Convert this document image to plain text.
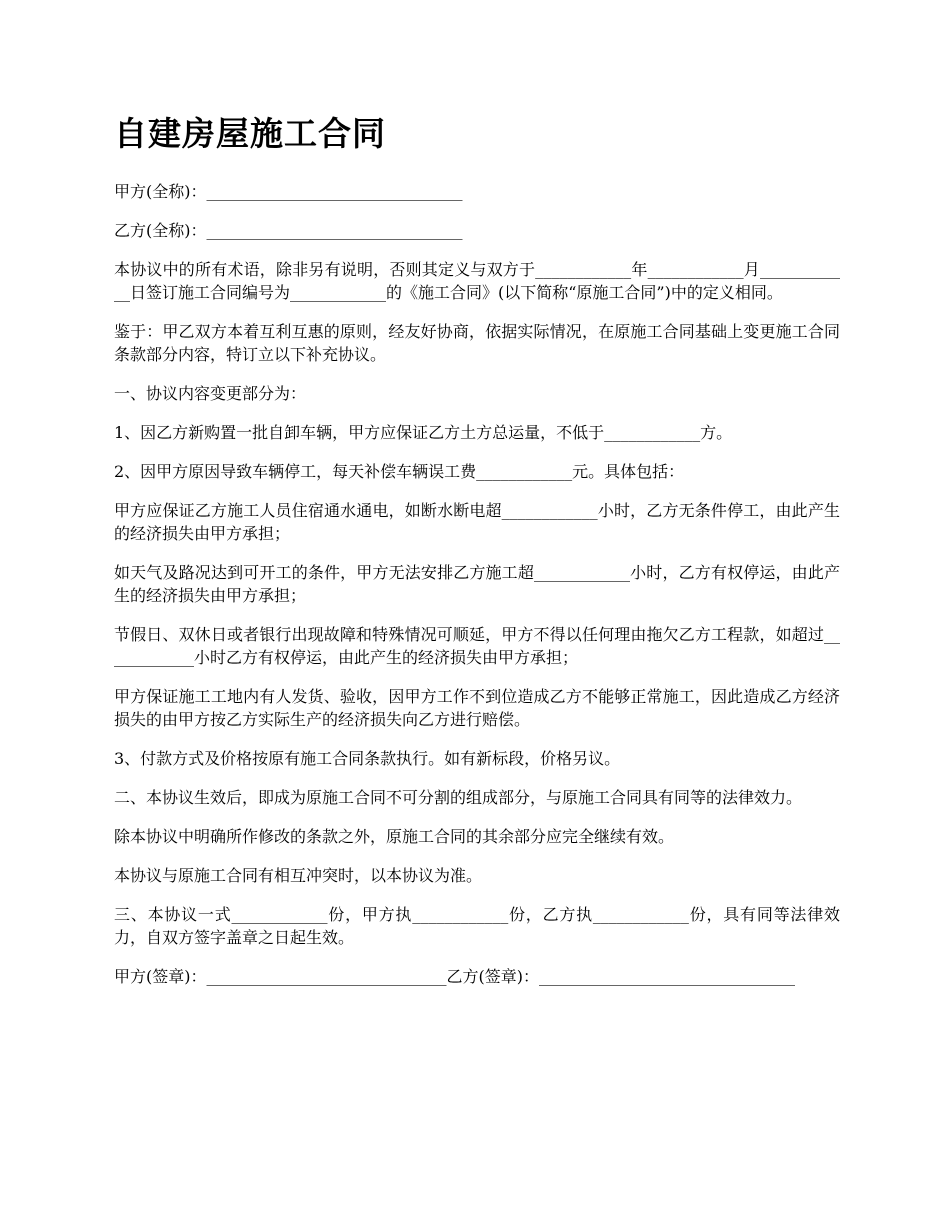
自建房屋施工合同

甲方(全称)：________________________________

乙方(全称)：________________________________

本协议中的所有术语，除非另有说明，否则其定义与双方于____________年____________月____________日签订施工合同编号为____________的《施工合同》(以下简称“原施工合同”)中的定义相同。

鉴于：甲乙双方本着互利互惠的原则，经友好协商，依据实际情况，在原施工合同基础上变更施工合同条款部分内容，特订立以下补充协议。

一、协议内容变更部分为：

1、因乙方新购置一批自卸车辆，甲方应保证乙方土方总运量，不低于____________方。

2、因甲方原因导致车辆停工，每天补偿车辆误工费____________元。具体包括：

甲方应保证乙方施工人员住宿通水通电，如断水断电超____________小时，乙方无条件停工，由此产生的经济损失由甲方承担；

如天气及路况达到可开工的条件，甲方无法安排乙方施工超____________小时，乙方有权停运，由此产生的经济损失由甲方承担；

节假日、双休日或者银行出现故障和特殊情况可顺延，甲方不得以任何理由拖欠乙方工程款，如超过____________小时乙方有权停运，由此产生的经济损失由甲方承担；

甲方保证施工工地内有人发货、验收，因甲方工作不到位造成乙方不能够正常施工，因此造成乙方经济损失的由甲方按乙方实际生产的经济损失向乙方进行赔偿。

3、付款方式及价格按原有施工合同条款执行。如有新标段，价格另议。

二、本协议生效后，即成为原施工合同不可分割的组成部分，与原施工合同具有同等的法律效力。

除本协议中明确所作修改的条款之外，原施工合同的其余部分应完全继续有效。

本协议与原施工合同有相互冲突时，以本协议为准。

三、本协议一式____________份，甲方执____________份，乙方执____________份，具有同等法律效力，自双方签字盖章之日起生效。

甲方(签章)：______________________________乙方(签章)：________________________________
